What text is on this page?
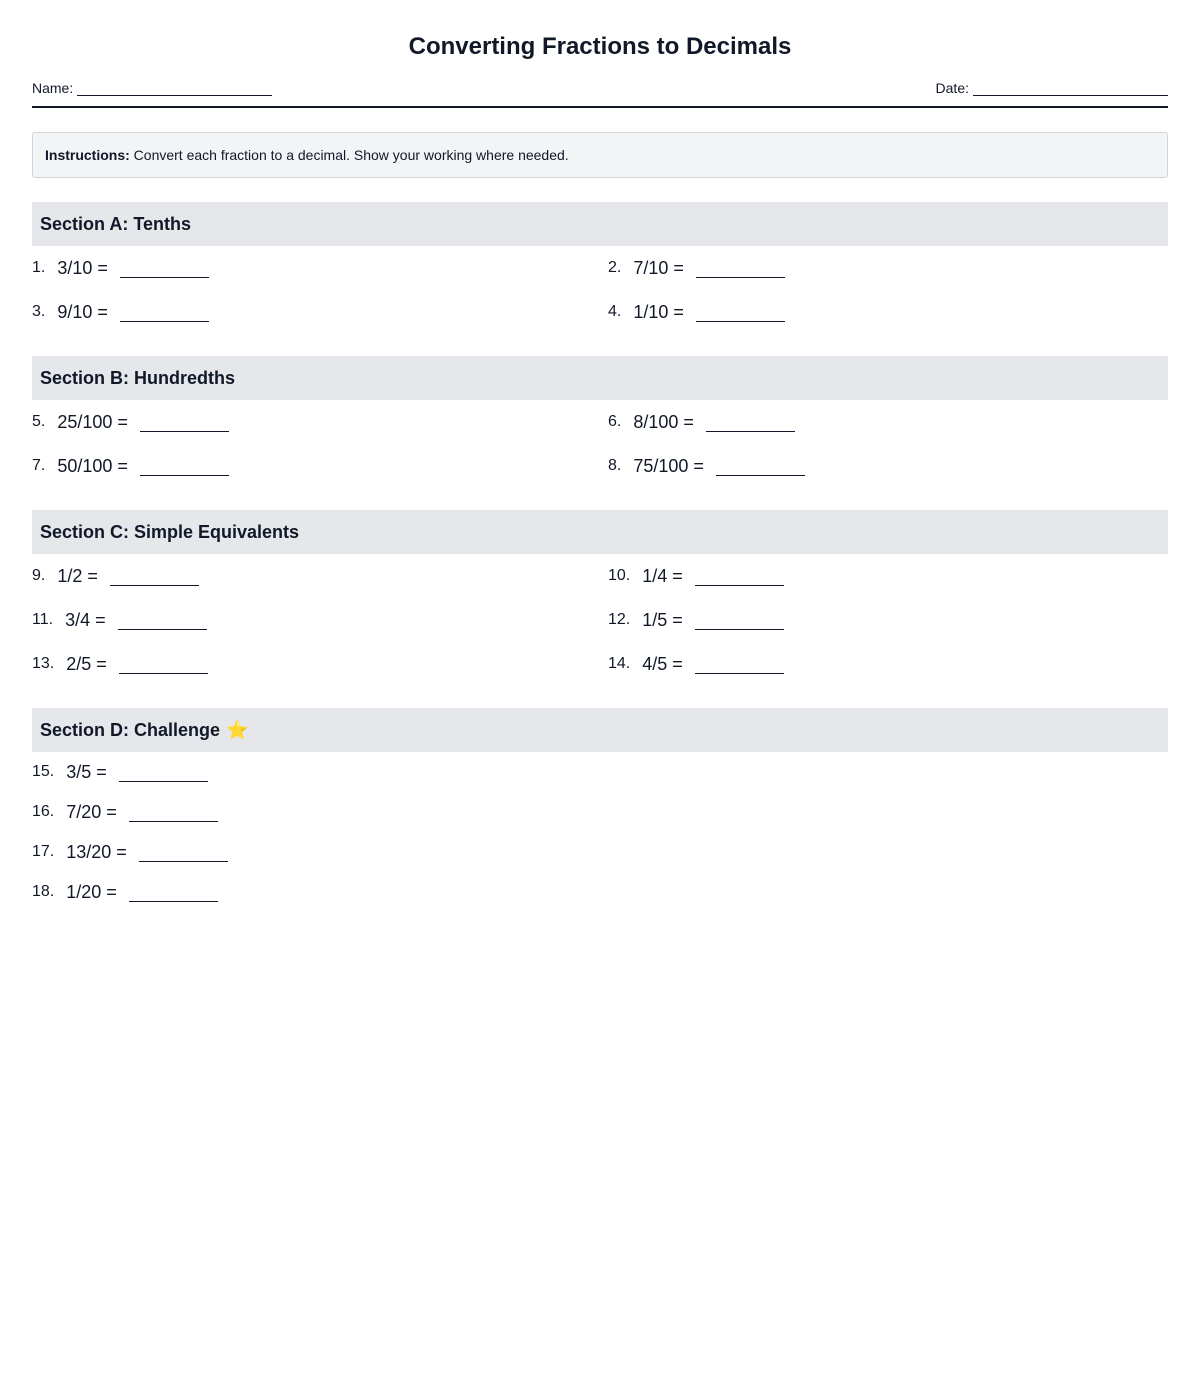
Converting Fractions to Decimals
Name:	Date:
Instructions: Convert each fraction to a decimal. Show your working where needed.
Section A: Tenths
1. 3/10 =	2. 7/10 =
3. 9/10 =	4. 1/10 =
Section B: Hundredths
5. 25/100 =	6. 8/100 =
7. 50/100 =	8. 75/100 =
Section C: Simple Equivalents
9. 1/2 =	10. 1/4 =
11. 3/4 =	12. 1/5 =
13. 2/5 =	14. 4/5 =
Section D: Challenge ⭐
15. 3/5 =
16. 7/20 =
17. 13/20 =
18. 1/20 =
